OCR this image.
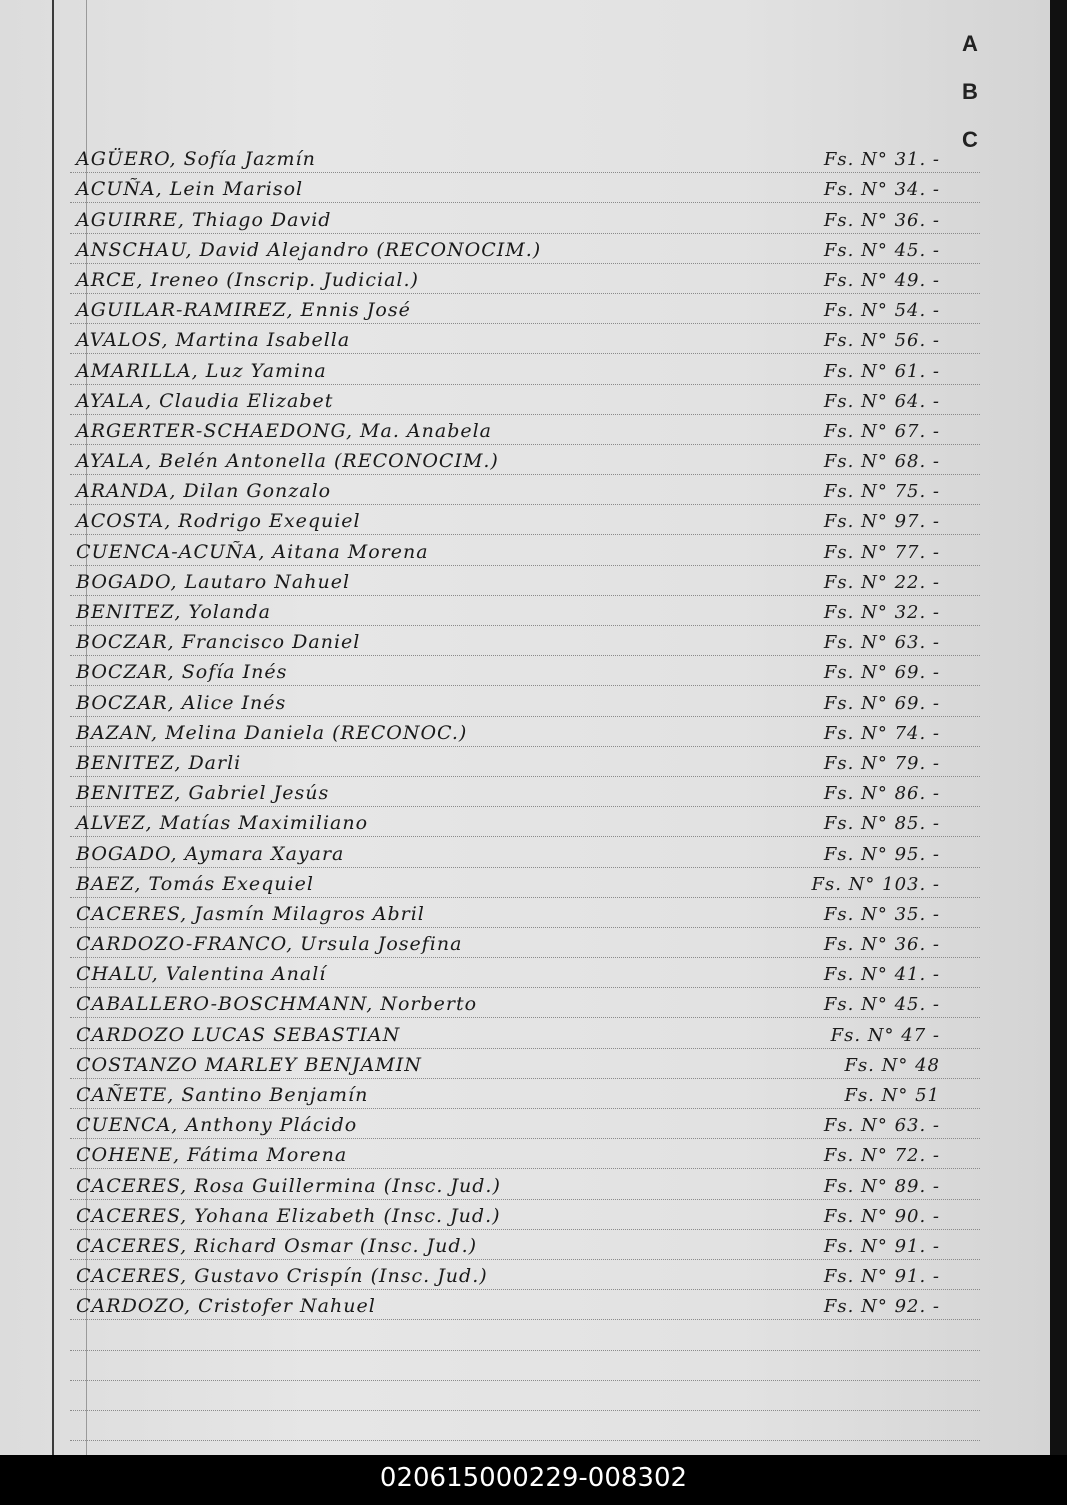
A
B
C
AGÜERO, Sofía Jazmín	Fs. N° 31. -
ACUÑA, Lein Marisol	Fs. N° 34. -
AGUIRRE, Thiago David	Fs. N° 36. -
ANSCHAU, David Alejandro (RECONOCIM.)	Fs. N° 45. -
ARCE, Ireneo (Inscrip. Judicial.)	Fs. N° 49. -
AGUILAR-RAMIREZ, Ennis José	Fs. N° 54. -
AVALOS, Martina Isabella	Fs. N° 56. -
AMARILLA, Luz Yamina	Fs. N° 61. -
AYALA, Claudia Elizabet	Fs. N° 64. -
ARGERTER-SCHAEDONG, Ma. Anabela	Fs. N° 67. -
AYALA, Belén Antonella (RECONOCIM.)	Fs. N° 68. -
ARANDA, Dilan Gonzalo	Fs. N° 75. -
ACOSTA, Rodrigo Exequiel	Fs. N° 97. -
CUENCA-ACUÑA, Aitana Morena	Fs. N° 77. -
BOGADO, Lautaro Nahuel	Fs. N° 22. -
BENITEZ, Yolanda	Fs. N° 32. -
BOCZAR, Francisco Daniel	Fs. N° 63. -
BOCZAR, Sofía Inés	Fs. N° 69. -
BOCZAR, Alice Inés	Fs. N° 69. -
BAZAN, Melina Daniela (RECONOC.)	Fs. N° 74. -
BENITEZ, Darli	Fs. N° 79. -
BENITEZ, Gabriel Jesús	Fs. N° 86. -
ALVEZ, Matías Maximiliano	Fs. N° 85. -
BOGADO, Aymara Xayara	Fs. N° 95. -
BAEZ, Tomás Exequiel	Fs. N° 103. -
CACERES, Jasmín Milagros Abril	Fs. N° 35. -
CARDOZO-FRANCO, Ursula Josefina	Fs. N° 36. -
CHALU, Valentina Analí	Fs. N° 41. -
CABALLERO-BOSCHMANN, Norberto	Fs. N° 45. -
CARDOZO LUCAS SEBASTIAN	Fs. N° 47 -
COSTANZO MARLEY BENJAMIN	Fs. N° 48
CAÑETE, Santino Benjamín	Fs. N° 51
CUENCA, Anthony Plácido	Fs. N° 63. -
COHENE, Fátima Morena	Fs. N° 72. -
CACERES, Rosa Guillermina (Insc. Jud.)	Fs. N° 89. -
CACERES, Yohana Elizabeth (Insc. Jud.)	Fs. N° 90. -
CACERES, Richard Osmar (Insc. Jud.)	Fs. N° 91. -
CACERES, Gustavo Crispín (Insc. Jud.)	Fs. N° 91. -
CARDOZO, Cristofer Nahuel	Fs. N° 92. -
020615000229-008302
